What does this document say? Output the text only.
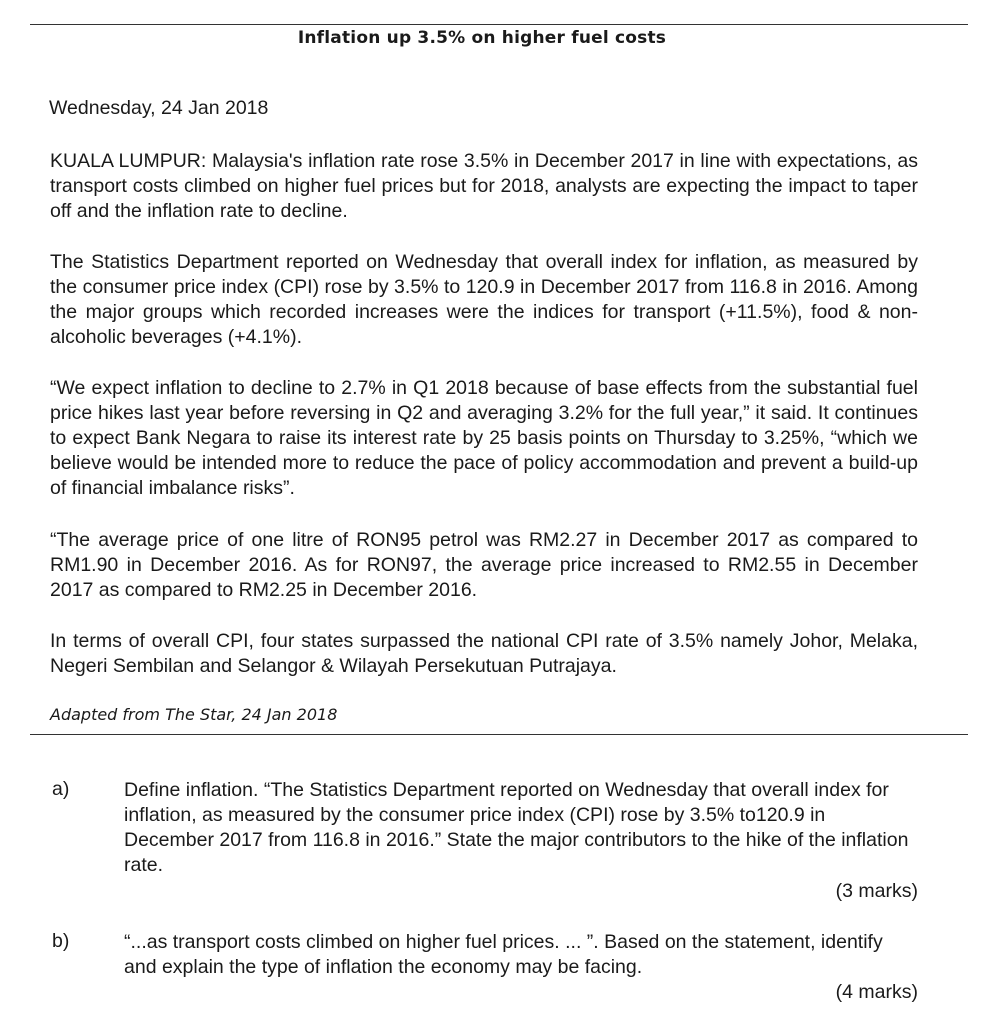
Inflation up 3.5% on higher fuel costs
Wednesday, 24 Jan 2018
KUALA LUMPUR: Malaysia's inflation rate rose 3.5% in December 2017 in line with expectations, as transport costs climbed on higher fuel prices but for 2018, analysts are expecting the impact to taper off and the inflation rate to decline.
The Statistics Department reported on Wednesday that overall index for inflation, as measured by the consumer price index (CPI) rose by 3.5% to 120.9 in December 2017 from 116.8 in 2016. Among the major groups which recorded increases were the indices for transport (+11.5%), food & non-alcoholic beverages (+4.1%).
“We expect inflation to decline to 2.7% in Q1 2018 because of base effects from the substantial fuel price hikes last year before reversing in Q2 and averaging 3.2% for the full year,” it said. It continues to expect Bank Negara to raise its interest rate by 25 basis points on Thursday to 3.25%, “which we believe would be intended more to reduce the pace of policy accommodation and prevent a build-up of financial imbalance risks”.
“The average price of one litre of RON95 petrol was RM2.27 in December 2017 as compared to RM1.90 in December 2016. As for RON97, the average price increased to RM2.55 in December 2017 as compared to RM2.25 in December 2016.
In terms of overall CPI, four states surpassed the national CPI rate of 3.5% namely Johor, Melaka, Negeri Sembilan and Selangor & Wilayah Persekutuan Putrajaya.
Adapted from The Star, 24 Jan 2018
a)	Define inflation. “The Statistics Department reported on Wednesday that overall index for inflation, as measured by the consumer price index (CPI) rose by 3.5% to120.9 in December 2017 from 116.8 in 2016.” State the major contributors to the hike of the inflation rate.
(3 marks)
b)	“...as transport costs climbed on higher fuel prices. ... ”. Based on the statement, identify and explain the type of inflation the economy may be facing.
(4 marks)
